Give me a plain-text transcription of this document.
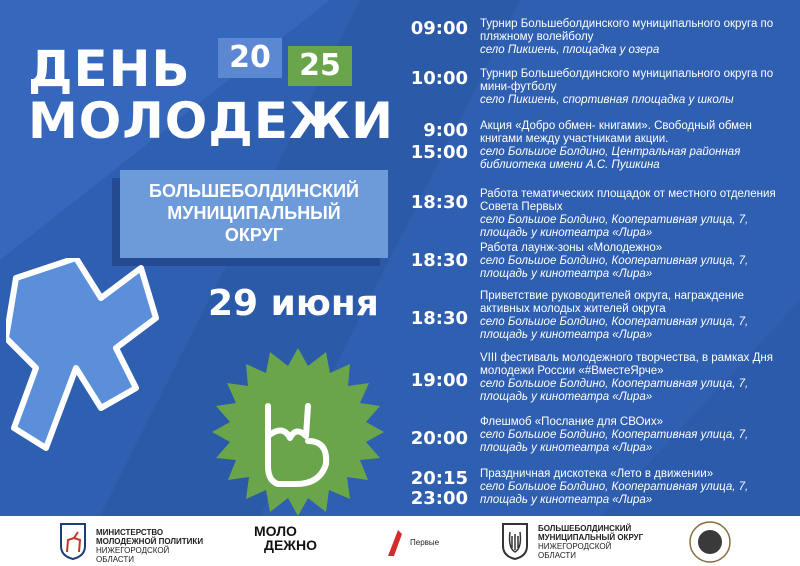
ДЕНЬ
МОЛОДЕЖИ
20 25
БОЛЬШЕБОЛДИНСКИЙ
МУНИЦИПАЛЬНЫЙ
ОКРУГ
29 июня
09:00 Турнир Большеболдинского муниципального округа по пляжному волейболу
село Пикшень, площадка у озера
10:00 Турнир Большеболдинского муниципального округа по мини-футболу
село Пикшень, спортивная площадка у школы
9:00
15:00
Акция «Добро обмен- книгами». Свободный обмен книгами между участниками акции.
село Большое Болдино, Центральная районная библиотека имени А.С. Пушкина
18:30 Работа тематических площадок от местного отделения Совета Первых
село Большое Болдино, Кооперативная улица, 7, площадь у кинотеатра «Лира»
18:30
Работа лаунж-зоны «Молодежно»
село Большое Болдино, Кооперативная улица, 7, площадь у кинотеатра «Лира»
18:30
Приветствие руководителей округа, награждение активных молодых жителей округа
село Большое Болдино, Кооперативная улица, 7, площадь у кинотеатра «Лира»
19:00
VIII фестиваль молодежного творчества, в рамках Дня молодежи России «#ВместеЯрче»
село Большое Болдино, Кооперативная улица, 7, площадь у кинотеатра «Лира»
20:00
Флешмоб «Послание для СВОих»
село Большое Болдино, Кооперативная улица, 7, площадь у кинотеатра «Лира»
20:15
23:00
Праздничная дискотека «Лето в движении»
село Большое Болдино, Кооперативная улица, 7, площадь у кинотеатра «Лира»
МИНИСТЕРСТВО
МОЛОДЕЖНОЙ ПОЛИТИКИ
НИЖЕГОРОДСКОЙ
ОБЛАСТИ
МОЛО
ДЕЖНО	Первые
БОЛЬШЕБОЛДИНСКИЙ
МУНИЦИПАЛЬНЫЙ ОКРУГ
НИЖЕГОРОДСКОЙ
ОБЛАСТИ
